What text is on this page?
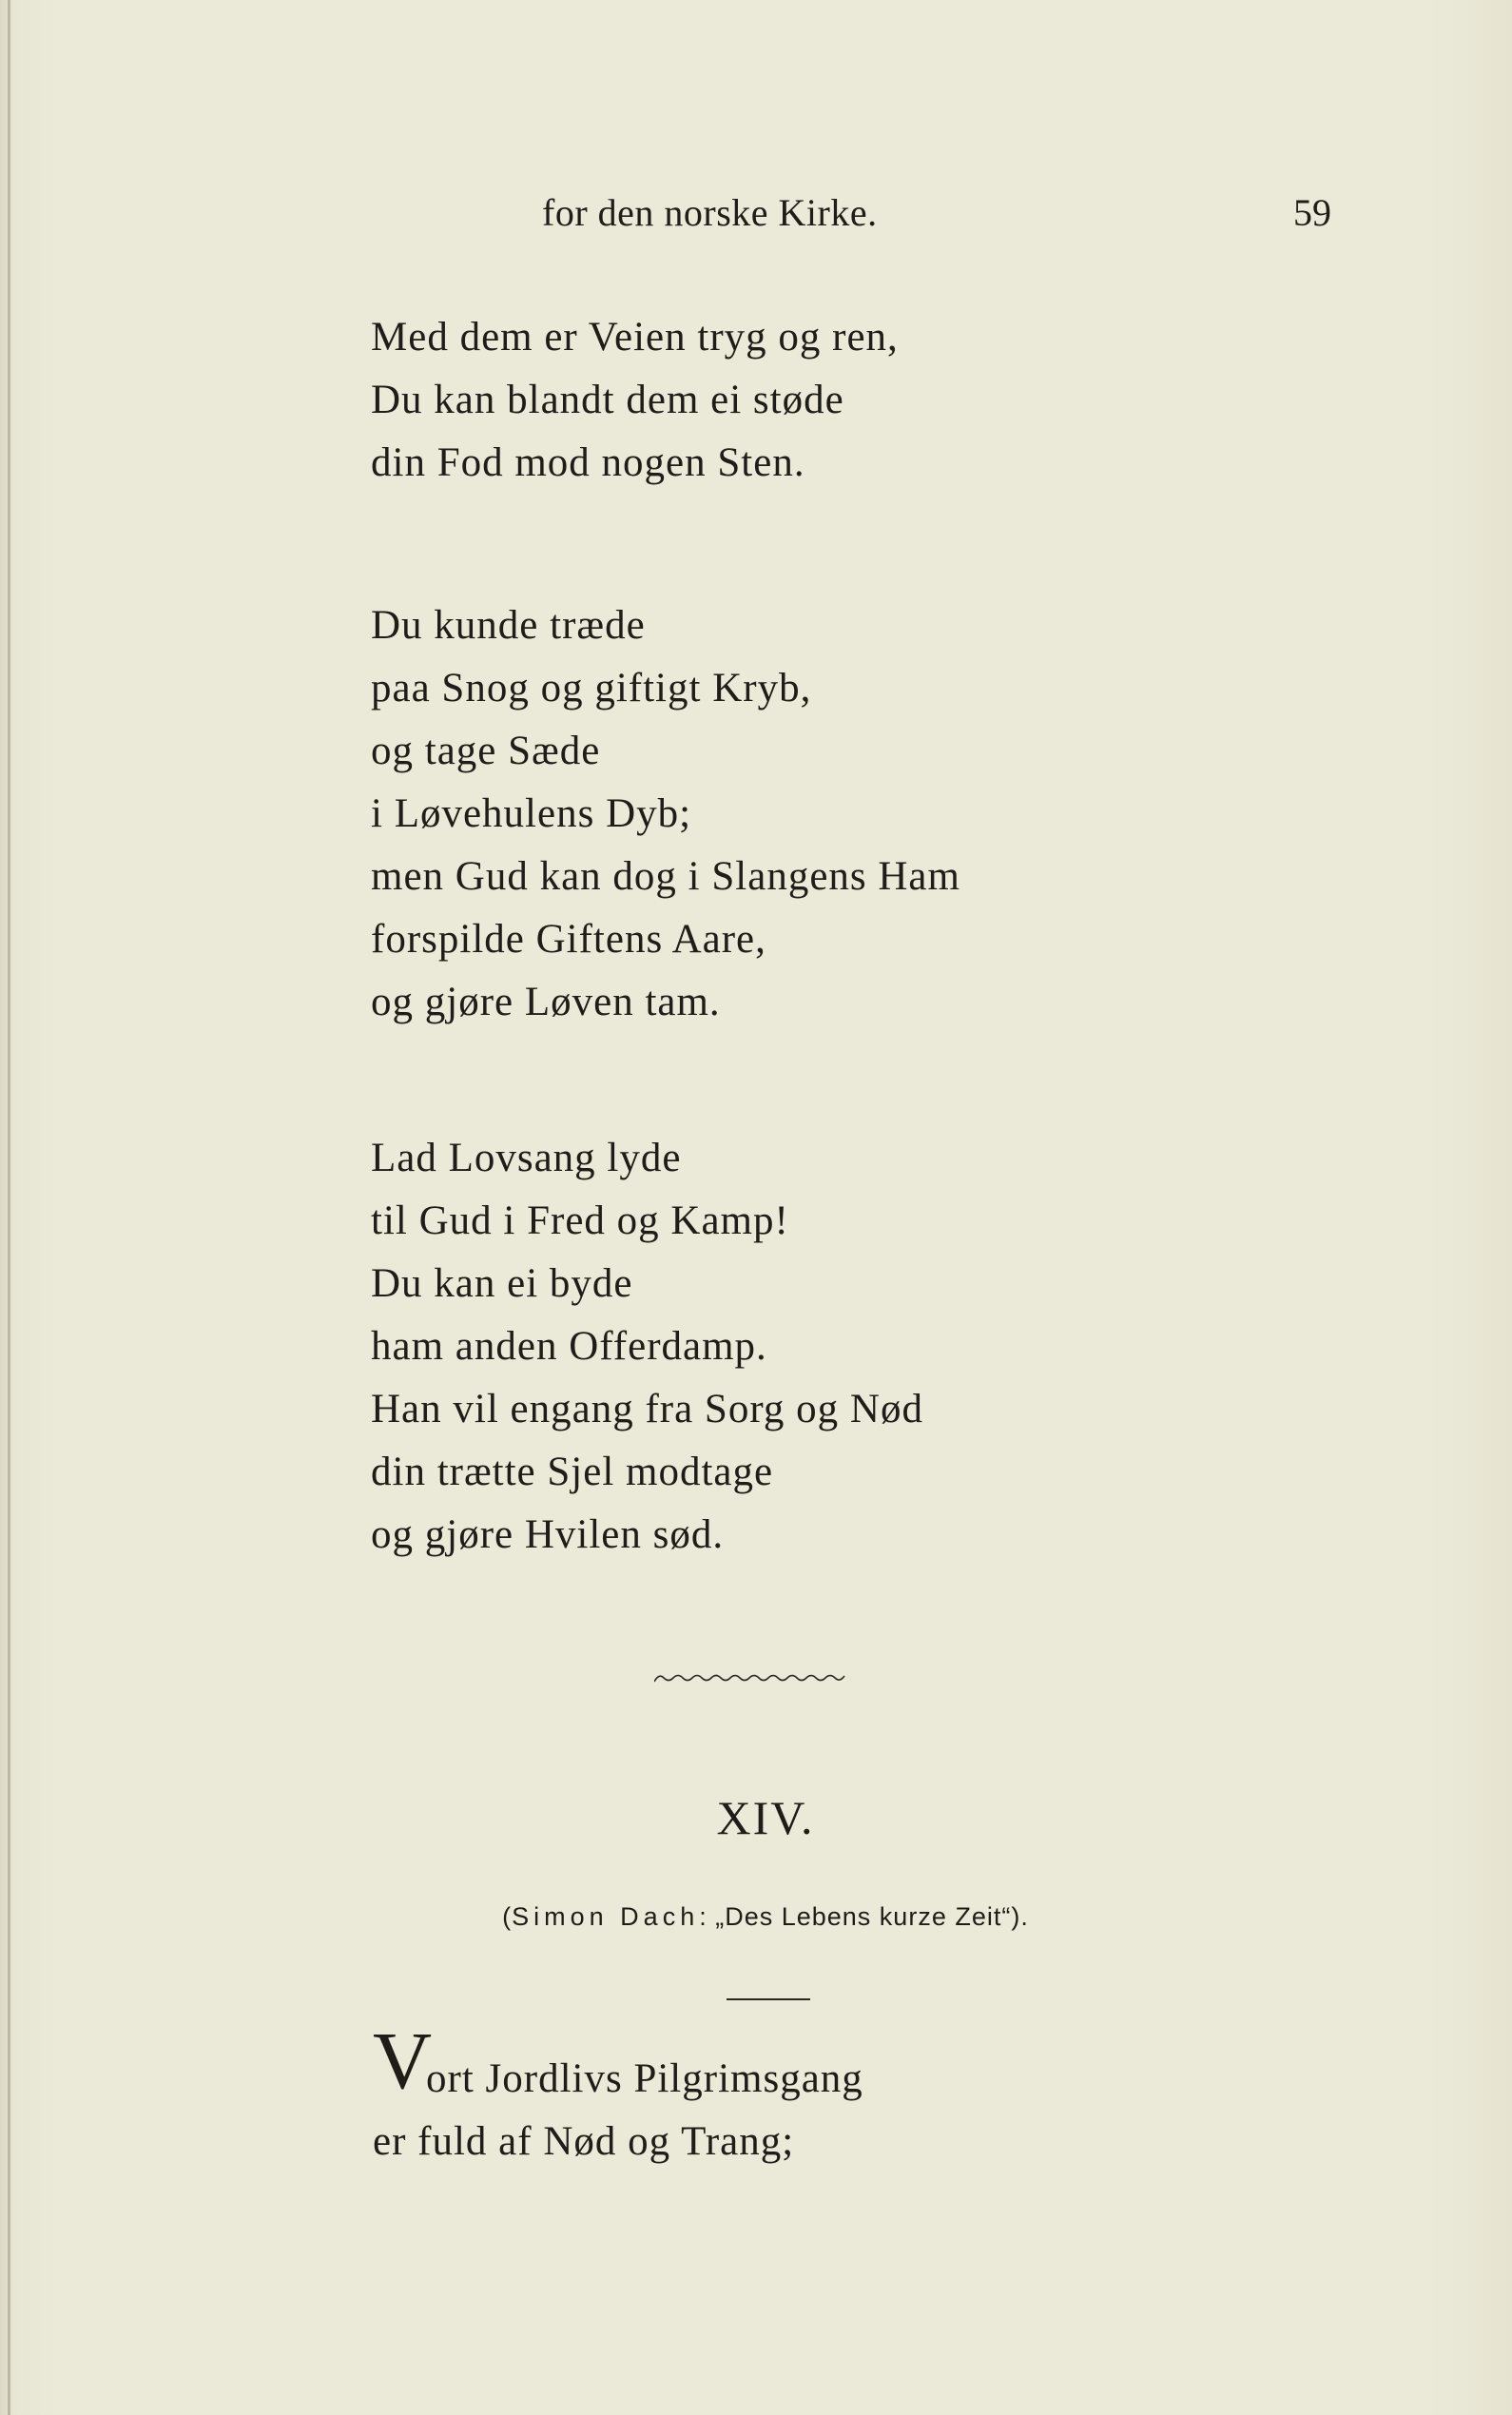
for den norske Kirke.	59
Med dem er Veien tryg og ren,
Du kan blandt dem ei støde
din Fod mod nogen Sten.
Du kunde træde
paa Snog og giftigt Kryb,
og tage Sæde
i Løvehulens Dyb;
men Gud kan dog i Slangens Ham
forspilde Giftens Aare,
og gjøre Løven tam.
Lad Lovsang lyde
til Gud i Fred og Kamp!
Du kan ei byde
ham anden Offerdamp.
Han vil engang fra Sorg og Nød
din trætte Sjel modtage
og gjøre Hvilen sød.
XIV.
(Simon Dach: „Des Lebens kurze Zeit“).
V
ort Jordlivs Pilgrimsgang
er fuld af Nød og Trang;
